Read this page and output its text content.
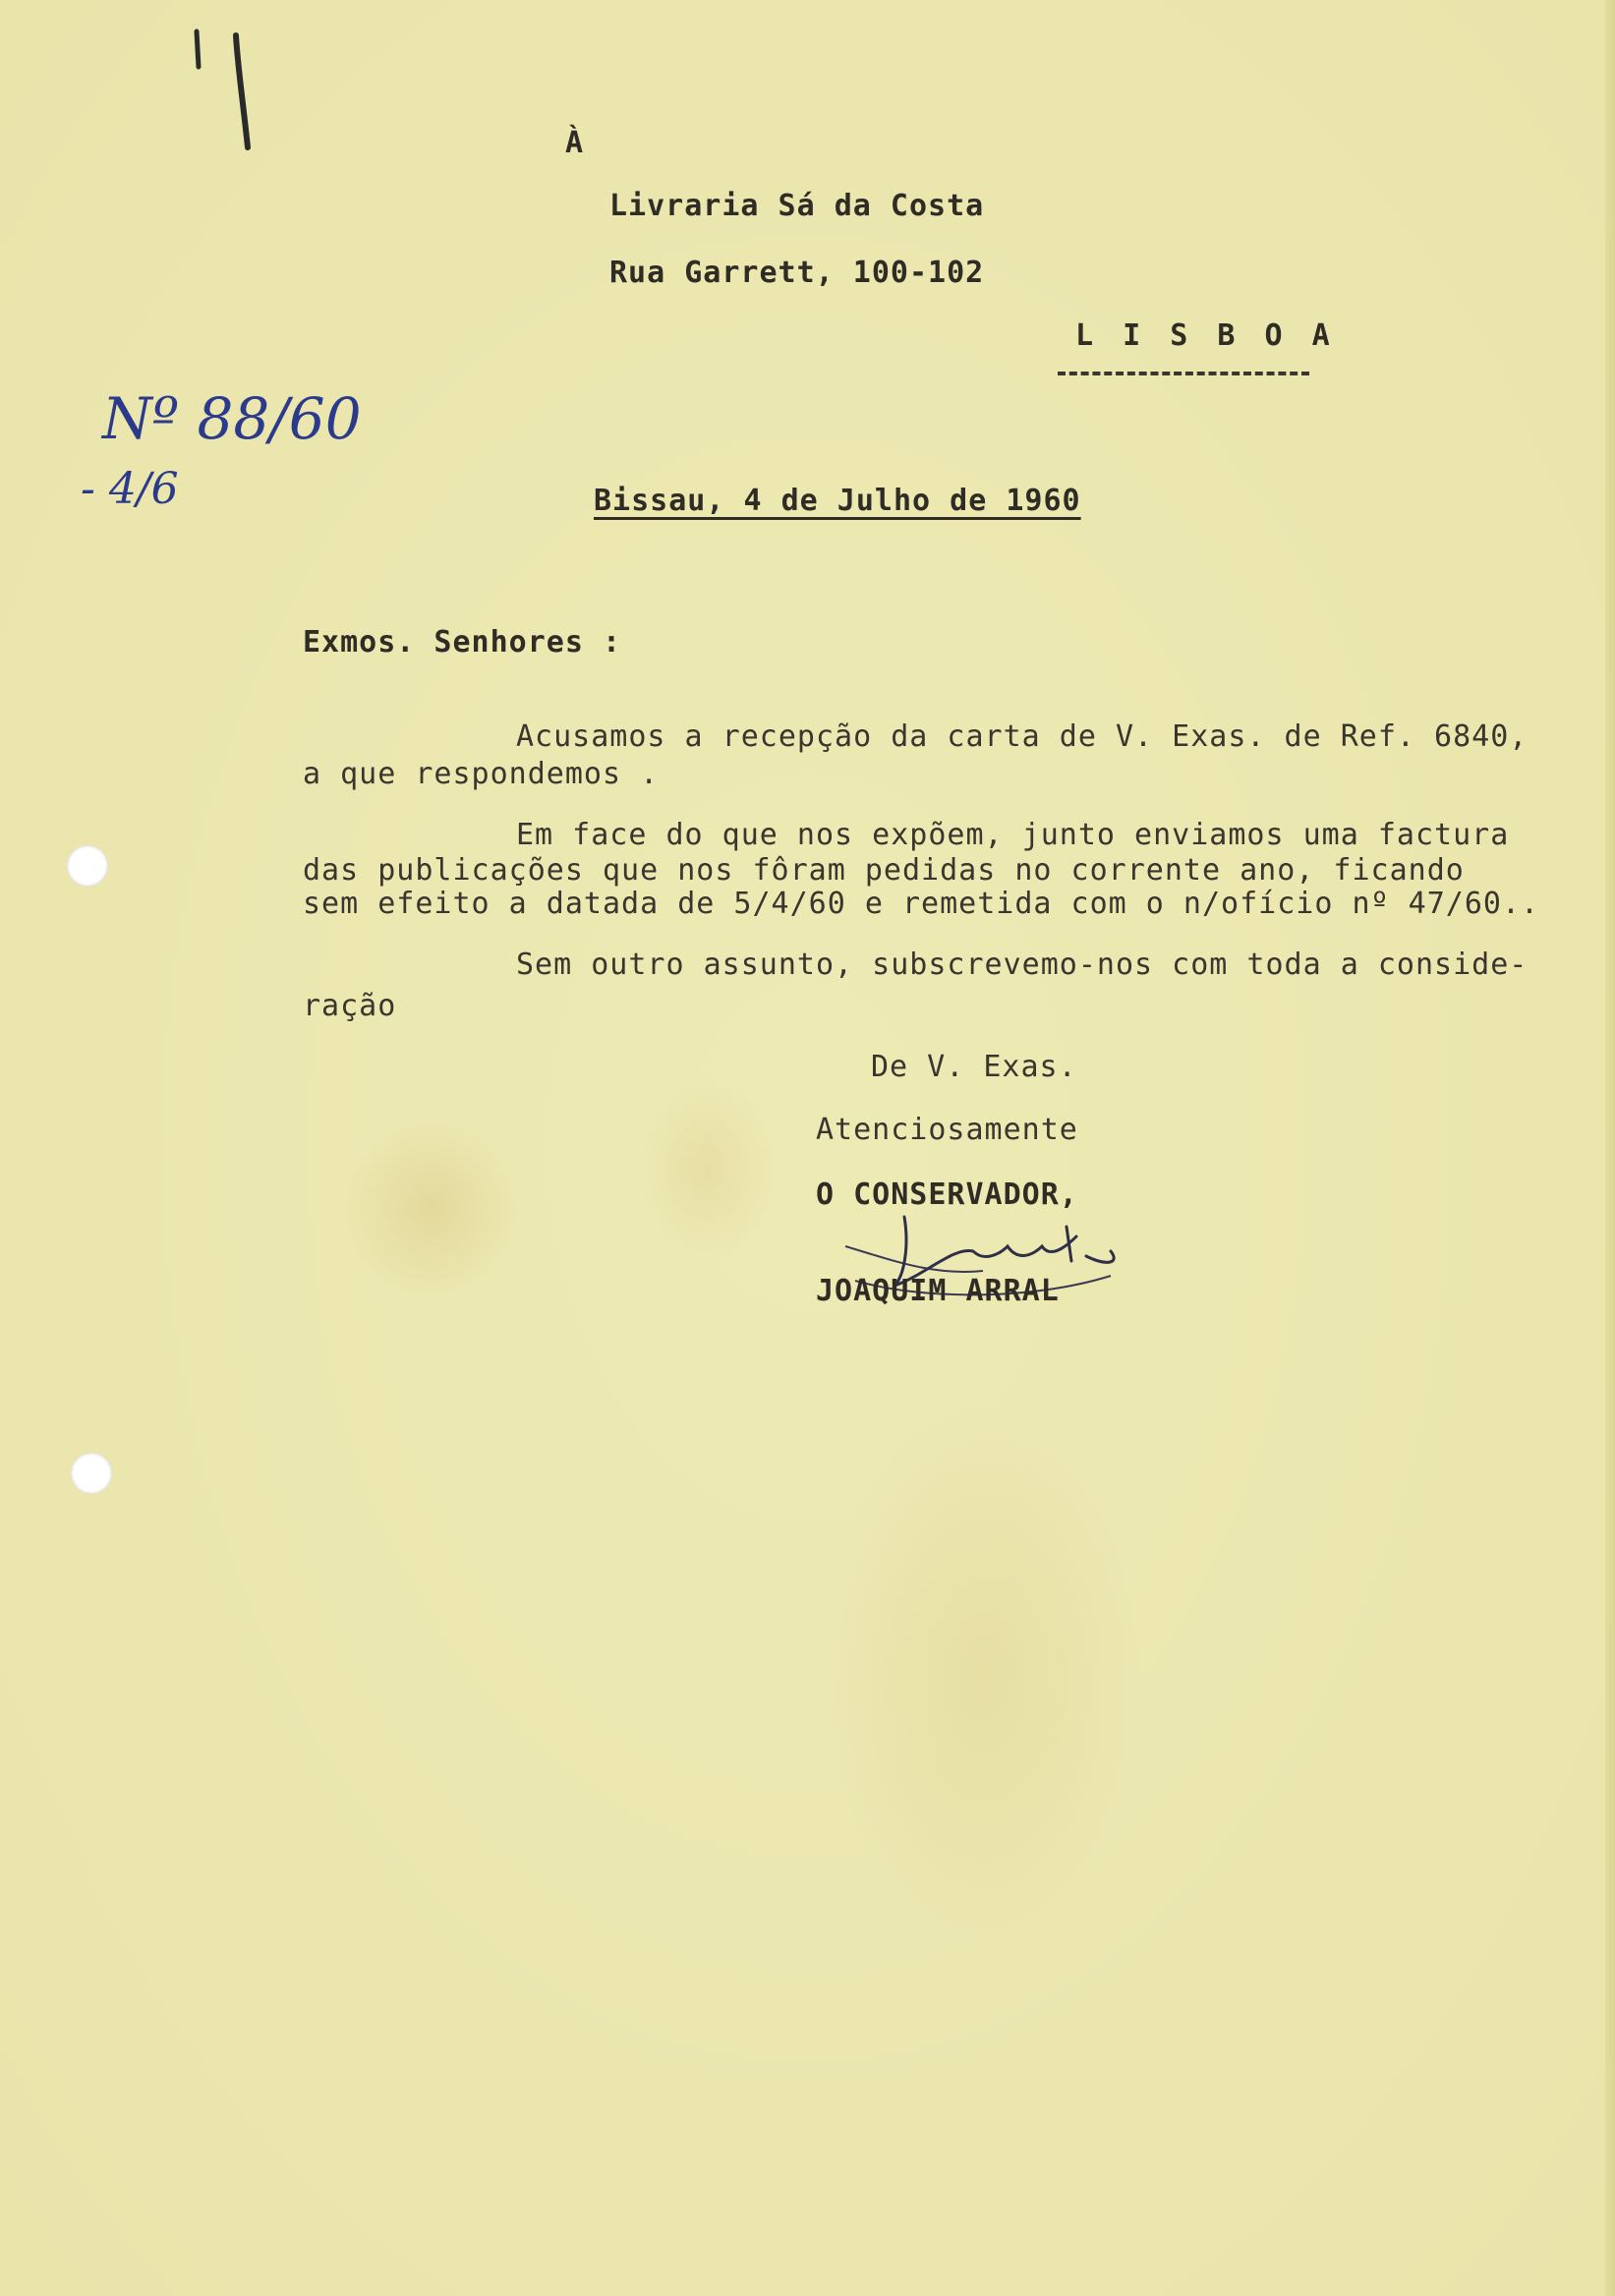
À
Livraria Sá da Costa
Rua Garrett, 100-102
L I S B O A
Nº 88/60
- 4/6	Bissau, 4 de Julho de 1960
Exmos. Senhores :
Acusamos a recepção da carta de V. Exas. de Ref. 6840,
a que respondemos .
Em face do que nos expõem, junto enviamos uma factura
das publicações que nos fôram pedidas no corrente ano, ficando
sem efeito a datada de 5/4/60 e remetida com o n/ofício nº 47/60..
Sem outro assunto, subscrevemo-nos com toda a conside-
ração
De V. Exas.
Atenciosamente
O CONSERVADOR,
JOAQUIM ARRAL
